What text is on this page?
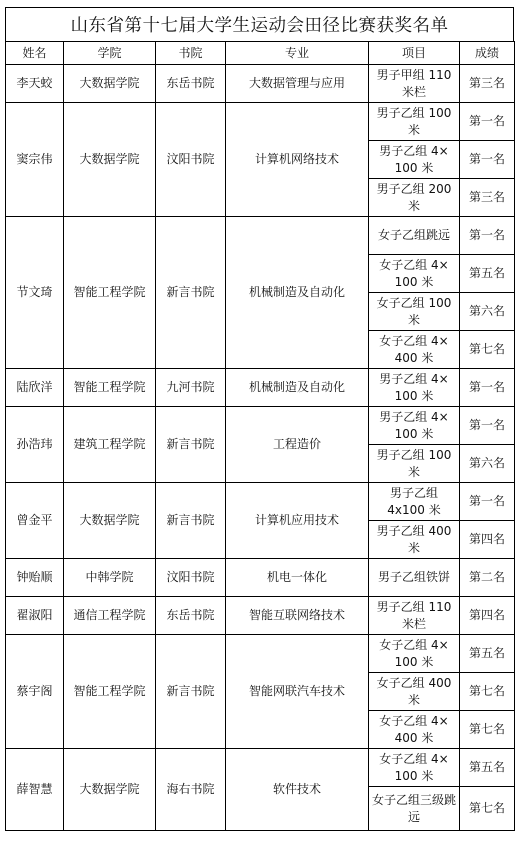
山东省第十七届大学生运动会田径比赛获奖名单
姓名	学院	书院	专业	项目	成绩
李天蛟	大数据学院	东岳书院	大数据管理与应用	男子甲组 110 米栏	第三名
窦宗伟	大数据学院	汶阳书院	计算机网络技术	男子乙组 100 米	第一名
				男子乙组 4× 100 米	第一名
				男子乙组 200 米	第三名
节文琦	智能工程学院	新言书院	机械制造及自动化	女子乙组跳远	第一名
				女子乙组 4× 100 米	第五名
				女子乙组 100 米	第六名
				女子乙组 4× 400 米	第七名
陆欣洋	智能工程学院	九河书院	机械制造及自动化	男子乙组 4× 100 米	第一名
孙浩玮	建筑工程学院	新言书院	工程造价	男子乙组 4× 100 米	第一名
				男子乙组 100 米	第六名
曾金平	大数据学院	新言书院	计算机应用技术	男子乙组 4x100 米	第一名
				男子乙组 400 米	第四名
钟贻顺	中韩学院	汶阳书院	机电一体化	男子乙组铁饼	第二名
翟淑阳	通信工程学院	东岳书院	智能互联网络技术	男子乙组 110 米栏	第四名
蔡宇阁	智能工程学院	新言书院	智能网联汽车技术	女子乙组 4× 100 米	第五名
				女子乙组 400 米	第七名
				女子乙组 4× 400 米	第七名
薛智慧	大数据学院	海右书院	软件技术	女子乙组 4× 100 米	第五名
				女子乙组三级跳远	第七名
